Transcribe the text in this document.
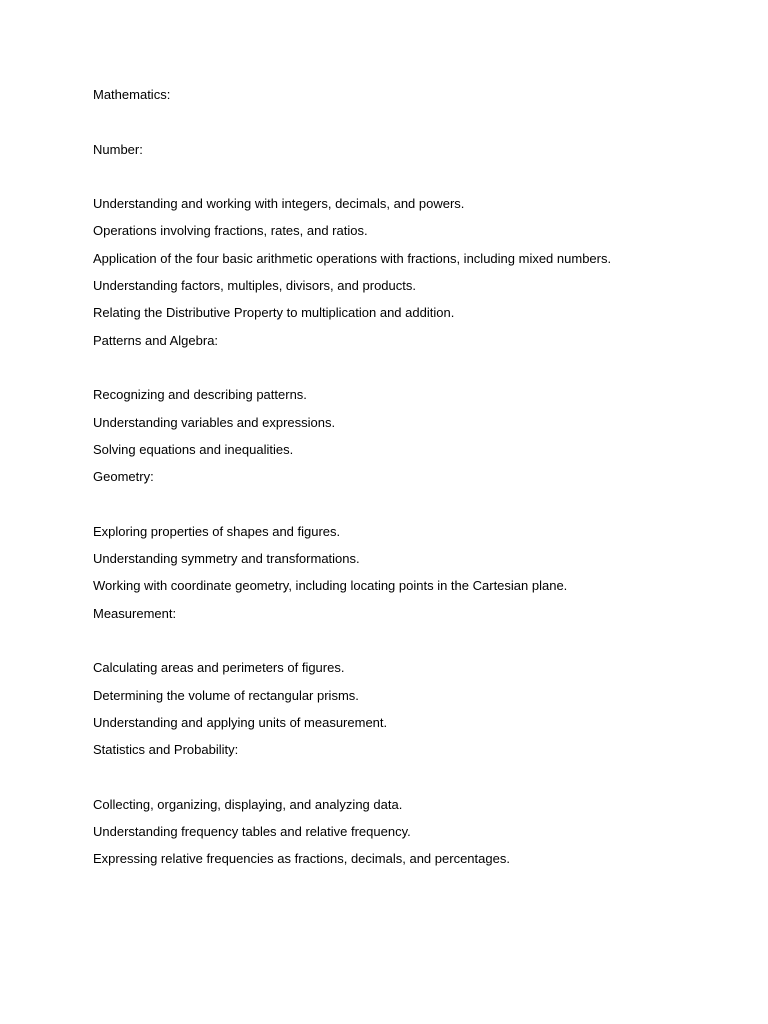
Mathematics:
Number:
Understanding and working with integers, decimals, and powers.
Operations involving fractions, rates, and ratios.
Application of the four basic arithmetic operations with fractions, including mixed numbers.
Understanding factors, multiples, divisors, and products.
Relating the Distributive Property to multiplication and addition.
Patterns and Algebra:
Recognizing and describing patterns.
Understanding variables and expressions.
Solving equations and inequalities.
Geometry:
Exploring properties of shapes and figures.
Understanding symmetry and transformations.
Working with coordinate geometry, including locating points in the Cartesian plane.
Measurement:
Calculating areas and perimeters of figures.
Determining the volume of rectangular prisms.
Understanding and applying units of measurement.
Statistics and Probability:
Collecting, organizing, displaying, and analyzing data.
Understanding frequency tables and relative frequency.
Expressing relative frequencies as fractions, decimals, and percentages.
